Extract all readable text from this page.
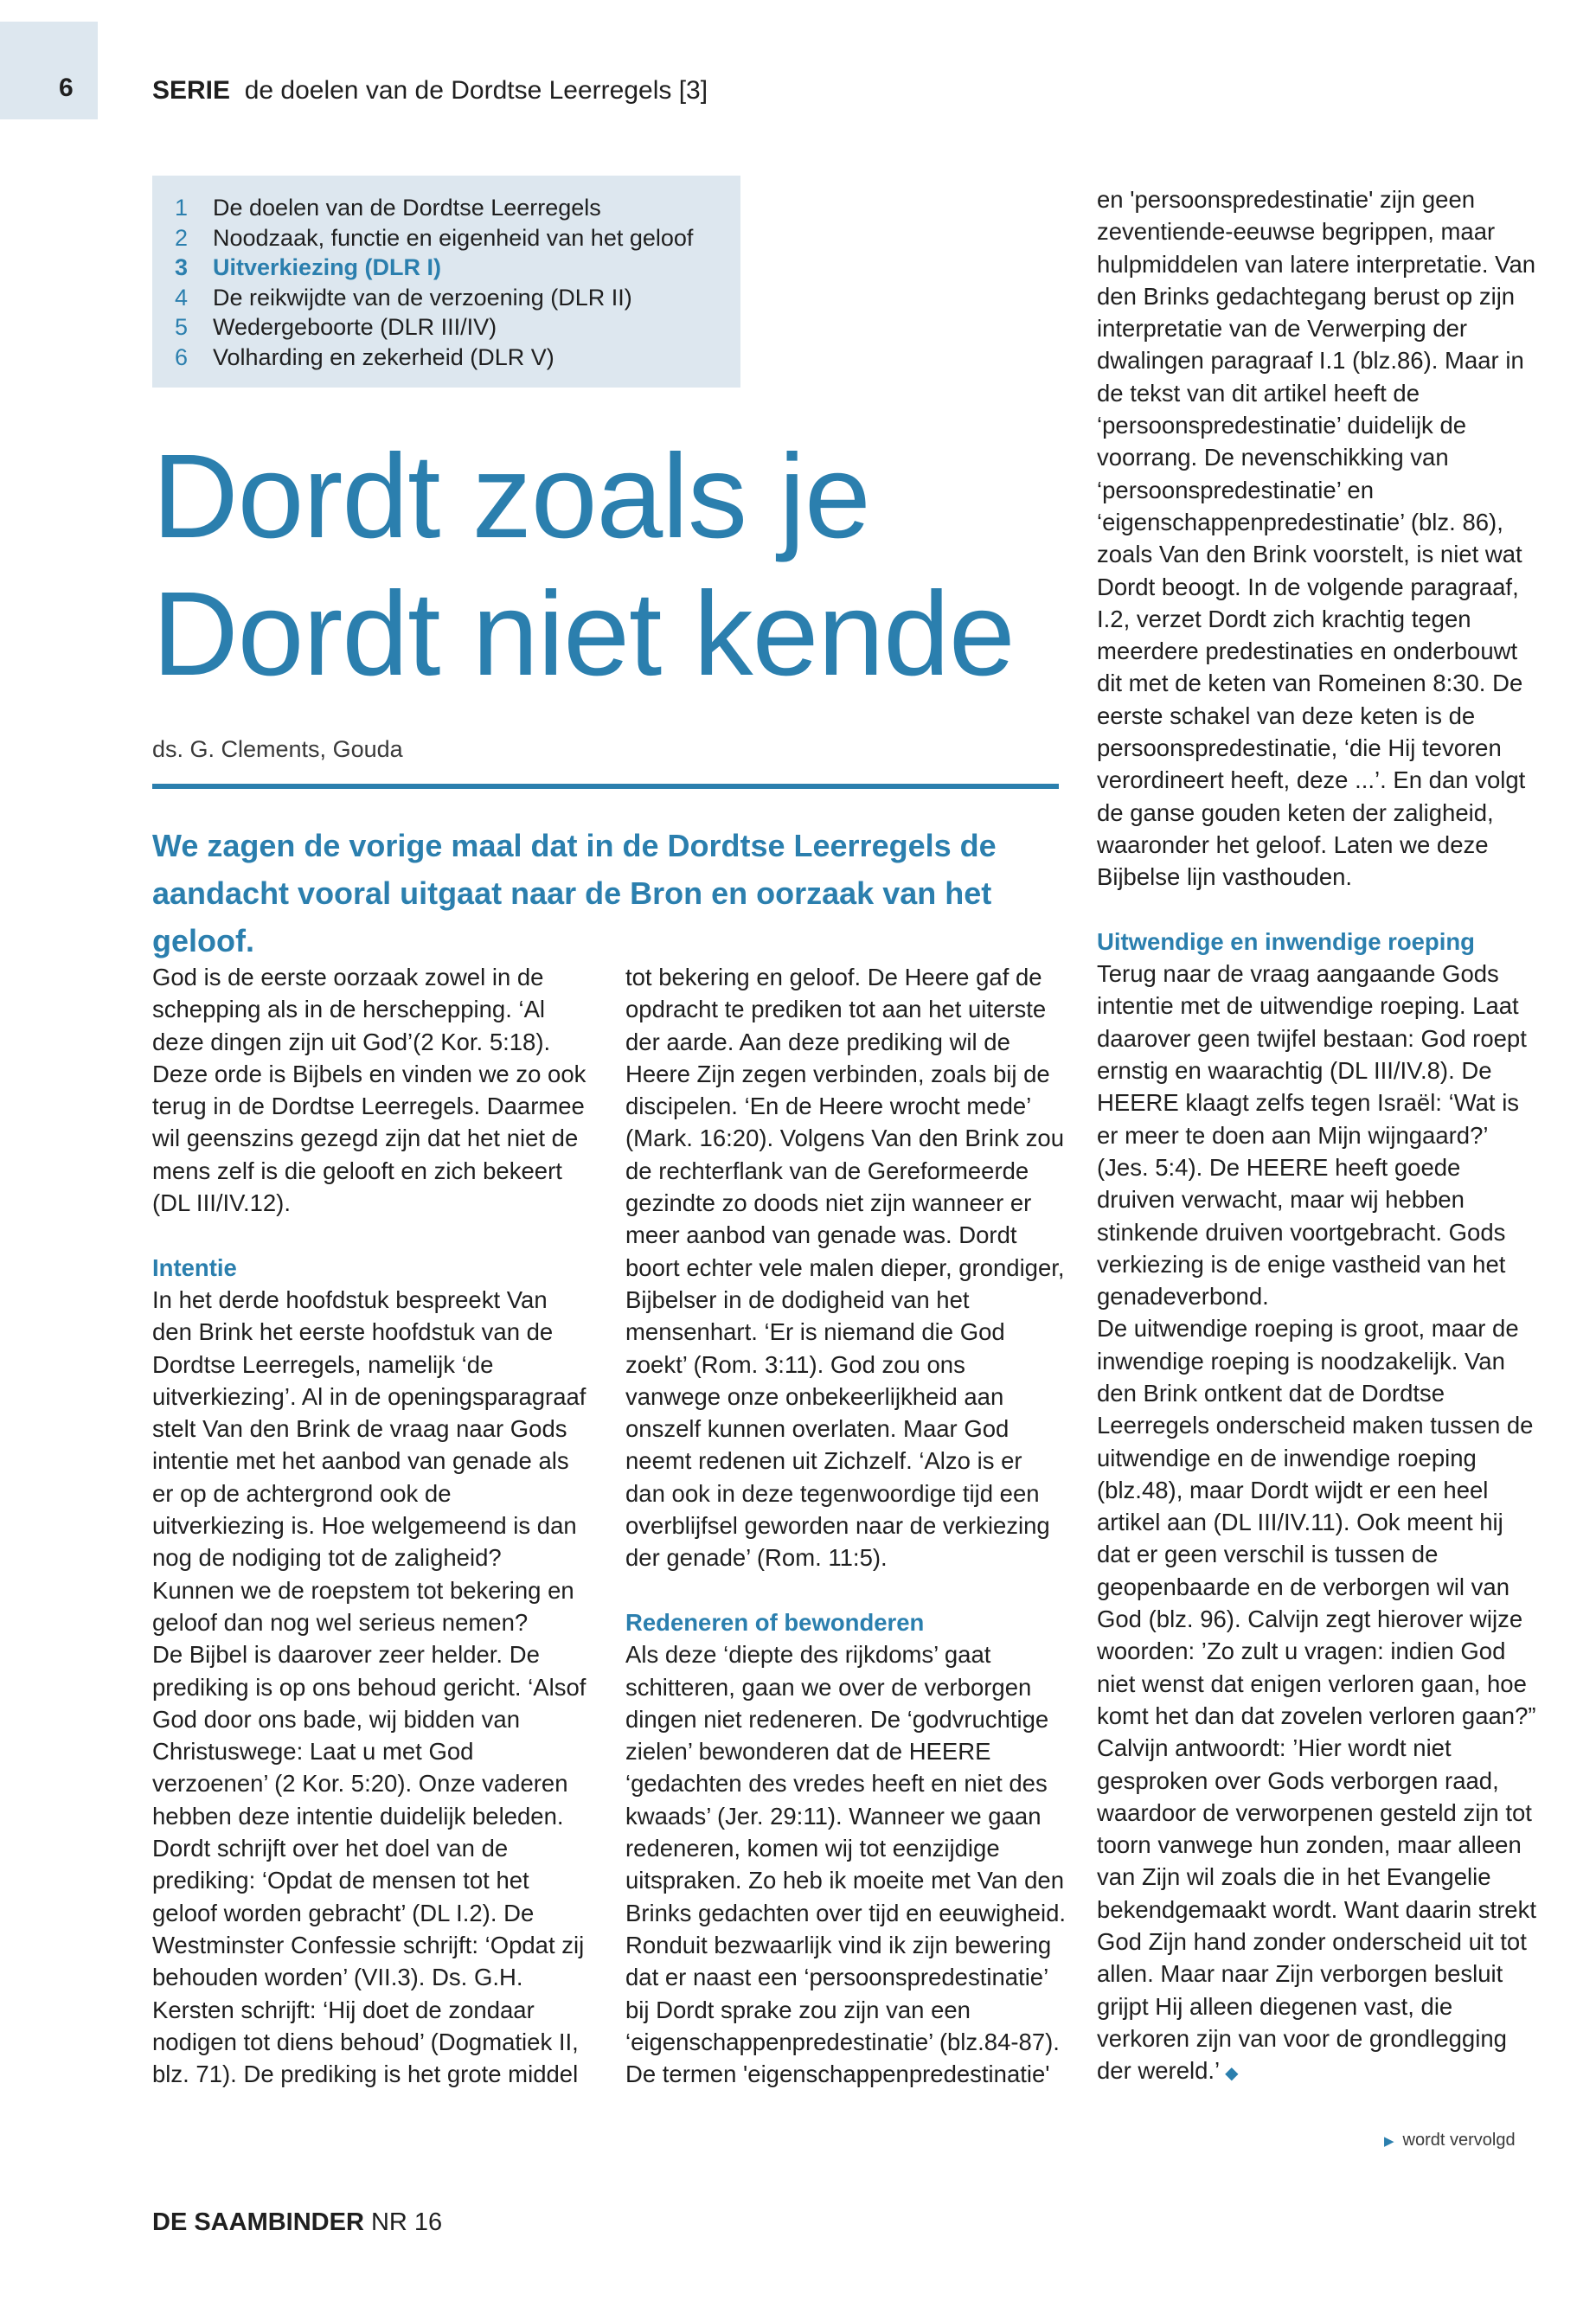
6	SERIE de doelen van de Dordtse Leerregels [3]
1 De doelen van de Dordtse Leerregels
2 Noodzaak, functie en eigenheid van het geloof
3 Uitverkiezing (DLR I)
4 De reikwijdte van de verzoening (DLR II)
5 Wedergeboorte (DLR III/IV)
6 Volharding en zekerheid (DLR V)
Dordt zoals je
Dordt niet kende
ds. G. Clements, Gouda

We zagen de vorige maal dat in de Dordtse Leerregels de aandacht vooral uitgaat naar de Bron en oorzaak van het geloof.

God is de eerste oorzaak zowel in de schepping als in de herschepping. ‘Al deze dingen zijn uit God’(2 Kor. 5:18). Deze orde is Bijbels en vinden we zo ook terug in de Dordtse Leerregels. Daarmee wil geenszins gezegd zijn dat het niet de mens zelf is die gelooft en zich bekeert (DL III/IV.12).

Intentie

In het derde hoofdstuk bespreekt Van den Brink het eerste hoofdstuk van de Dordtse Leerregels, namelijk ‘de uitverkiezing’. Al in de openingsparagraaf stelt Van den Brink de vraag naar Gods intentie met het aanbod van genade als er op de achtergrond ook de uitverkiezing is. Hoe welgemeend is dan nog de nodiging tot de zaligheid? Kunnen we de roepstem tot bekering en geloof dan nog wel serieus nemen?

De Bijbel is daarover zeer helder. De prediking is op ons behoud gericht. ‘Alsof God door ons bade, wij bidden van Christuswege: Laat u met God verzoenen’ (2 Kor. 5:20). Onze vaderen hebben deze intentie duidelijk beleden. Dordt schrijft over het doel van de prediking: ‘Opdat de mensen tot het geloof worden gebracht’ (DL I.2). De Westminster Confessie schrijft: ‘Opdat zij behouden worden’ (VII.3). Ds. G.H. Kersten schrijft: ‘Hij doet de zondaar nodigen tot diens behoud’ (Dogmatiek II, blz. 71). De prediking is het grote middel

tot bekering en geloof. De Heere gaf de opdracht te prediken tot aan het uiterste der aarde. Aan deze prediking wil de Heere Zijn zegen verbinden, zoals bij de discipelen. ‘En de Heere wrocht mede’ (Mark. 16:20). Volgens Van den Brink zou de rechterflank van de Gereformeerde gezindte zo doods niet zijn wanneer er meer aanbod van genade was. Dordt boort echter vele malen dieper, grondiger, Bijbelser in de dodigheid van het mensenhart. ‘Er is niemand die God zoekt’ (Rom. 3:11). God zou ons vanwege onze onbekeerlijkheid aan onszelf kunnen overlaten. Maar God neemt redenen uit Zichzelf. ‘Alzo is er dan ook in deze tegenwoordige tijd een overblijfsel geworden naar de verkiezing der genade’ (Rom. 11:5).

Redeneren of bewonderen

Als deze ‘diepte des rijkdoms’ gaat schitteren, gaan we over de verborgen dingen niet redeneren. De ‘godvruchtige zielen’ bewonderen dat de HEERE ‘gedachten des vredes heeft en niet des kwaads’ (Jer. 29:11). Wanneer we gaan redeneren, komen wij tot eenzijdige uitspraken. Zo heb ik moeite met Van den Brinks gedachten over tijd en eeuwigheid. Ronduit bezwaarlijk vind ik zijn bewering dat er naast een ‘persoonspredestinatie’ bij Dordt sprake zou zijn van een ‘eigenschappenpredestinatie’ (blz.84-87). De termen 'eigenschappenpredestinatie'

en 'persoonspredestinatie' zijn geen zeventiende-eeuwse begrippen, maar hulpmiddelen van latere interpretatie. Van den Brinks gedachtegang berust op zijn interpretatie van de Verwerping der dwalingen paragraaf I.1 (blz.86). Maar in de tekst van dit artikel heeft de ‘persoonspredestinatie’ duidelijk de voorrang. De nevenschikking van ‘persoonspredestinatie’ en ‘eigenschappenpredestinatie’ (blz. 86), zoals Van den Brink voorstelt, is niet wat Dordt beoogt. In de volgende paragraaf, I.2, verzet Dordt zich krachtig tegen meerdere predestinaties en onderbouwt dit met de keten van Romeinen 8:30. De eerste schakel van deze keten is de persoonspredestinatie, ‘die Hij tevoren verordineert heeft, deze ...’. En dan volgt de ganse gouden keten der zaligheid, waaronder het geloof. Laten we deze Bijbelse lijn vasthouden.

Uitwendige en inwendige roeping

Terug naar de vraag aangaande Gods intentie met de uitwendige roeping. Laat daarover geen twijfel bestaan: God roept ernstig en waarachtig (DL III/IV.8). De HEERE klaagt zelfs tegen Israël: ‘Wat is er meer te doen aan Mijn wijngaard?’ (Jes. 5:4). De HEERE heeft goede druiven verwacht, maar wij hebben stinkende druiven voortgebracht. Gods verkiezing is de enige vastheid van het genadeverbond.

De uitwendige roeping is groot, maar de inwendige roeping is noodzakelijk. Van den Brink ontkent dat de Dordtse Leerregels onderscheid maken tussen de uitwendige en de inwendige roeping (blz.48), maar Dordt wijdt er een heel artikel aan (DL III/IV.11). Ook meent hij dat er geen verschil is tussen de geopenbaarde en de verborgen wil van God (blz. 96). Calvijn zegt hierover wijze woorden: ’Zo zult u vragen: indien God niet wenst dat enigen verloren gaan, hoe komt het dan dat zovelen verloren gaan?” Calvijn antwoordt: ’Hier wordt niet gesproken over Gods verborgen raad, waardoor de verworpenen gesteld zijn tot toorn vanwege hun zonden, maar alleen van Zijn wil zoals die in het Evangelie bekendgemaakt wordt. Want daarin strekt God Zijn hand zonder onderscheid uit tot allen. Maar naar Zijn verborgen besluit grijpt Hij alleen diegenen vast, die verkoren zijn van voor de grondlegging der wereld.’ ◆

▶ wordt vervolgd
DE SAAMBINDER NR 16
